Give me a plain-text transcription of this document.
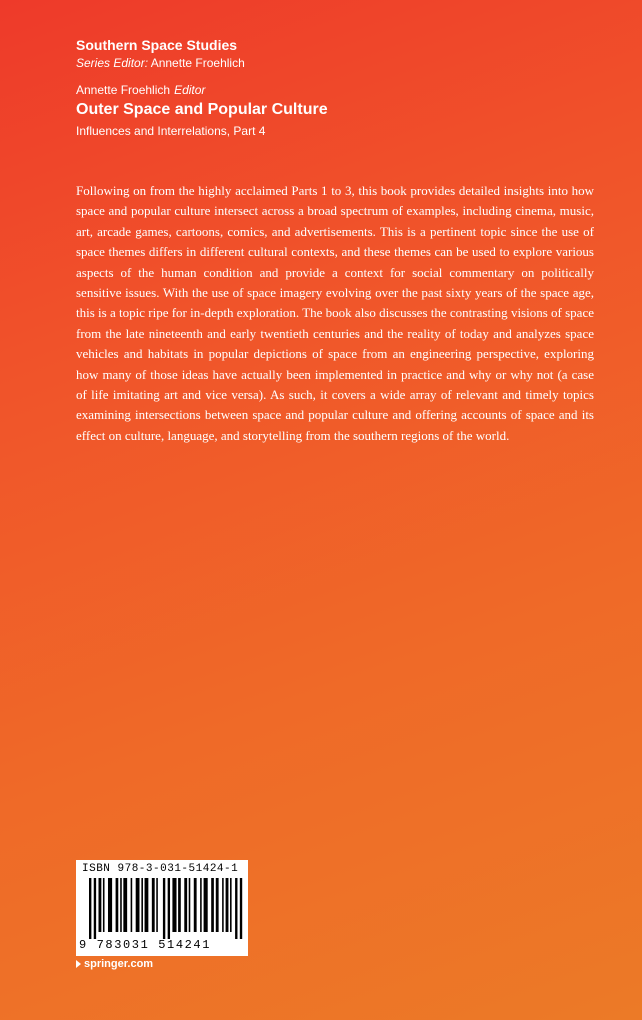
Southern Space Studies
Series Editor: Annette Froehlich
Annette Froehlich Editor
Outer Space and Popular Culture
Influences and Interrelations, Part 4

Following on from the highly acclaimed Parts 1 to 3, this book provides detailed insights into how space and popular culture intersect across a broad spectrum of examples, including cinema, music, art, arcade games, cartoons, comics, and advertisements. This is a pertinent topic since the use of space themes differs in different cultural contexts, and these themes can be used to explore various aspects of the human condition and provide a context for social commentary on politically sensitive issues. With the use of space imagery evolving over the past sixty years of the space age, this is a topic ripe for in-depth exploration. The book also discusses the contrasting visions of space from the late nineteenth and early twentieth centuries and the reality of today and analyzes space vehicles and habitats in popular depictions of space from an engineering perspective, exploring how many of those ideas have actually been implemented in practice and why or why not (a case of life imitating art and vice versa). As such, it covers a wide array of relevant and timely topics examining intersections between space and popular culture and offering accounts of space and its effect on culture, language, and storytelling from the southern regions of the world.

ISBN 978-3-031-51424-1
9 783031 514241
springer.com
